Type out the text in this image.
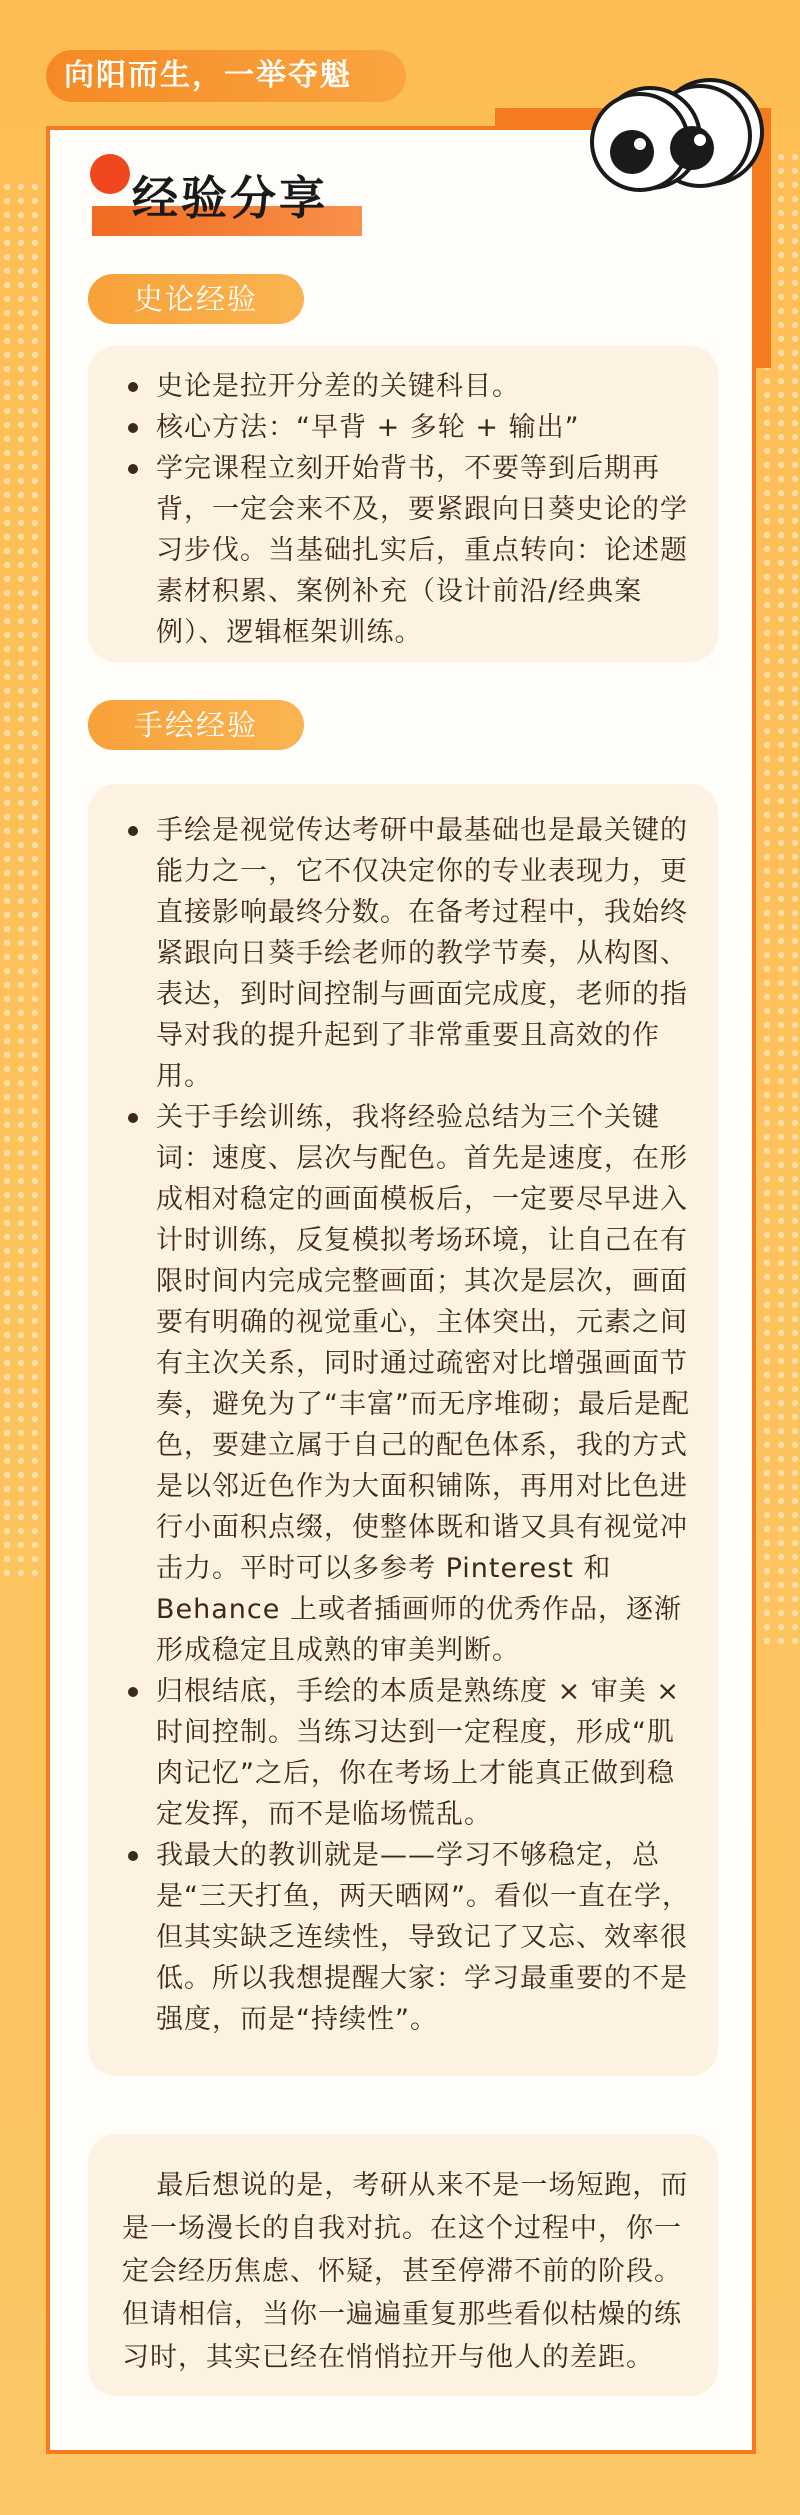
向阳而生，一举夺魁
经验分享
史论经验
史论是拉开分差的关键科目。
核心方法：“早背 + 多轮 + 输出”
学完课程立刻开始背书，不要等到后期再背，一定会来不及，要紧跟向日葵史论的学习步伐。当基础扎实后，重点转向：论述题素材积累、案例补充（设计前沿/经典案例）、逻辑框架训练。
手绘经验
手绘是视觉传达考研中最基础也是最关键的能力之一，它不仅决定你的专业表现力，更直接影响最终分数。在备考过程中，我始终紧跟向日葵手绘老师的教学节奏，从构图、表达，到时间控制与画面完成度，老师的指导对我的提升起到了非常重要且高效的作用。
关于手绘训练，我将经验总结为三个关键词：速度、层次与配色。首先是速度，在形成相对稳定的画面模板后，一定要尽早进入计时训练，反复模拟考场环境，让自己在有限时间内完成完整画面；其次是层次，画面要有明确的视觉重心，主体突出，元素之间有主次关系，同时通过疏密对比增强画面节奏，避免为了“丰富”而无序堆砌；最后是配色，要建立属于自己的配色体系，我的方式是以邻近色作为大面积铺陈，再用对比色进行小面积点缀，使整体既和谐又具有视觉冲击力。平时可以多参考 Pinterest 和 Behance 上或者插画师的优秀作品，逐渐形成稳定且成熟的审美判断。
归根结底，手绘的本质是熟练度 × 审美 × 时间控制。当练习达到一定程度，形成“肌肉记忆”之后，你在考场上才能真正做到稳定发挥，而不是临场慌乱。
我最大的教训就是——学习不够稳定，总是“三天打鱼，两天晒网”。看似一直在学，但其实缺乏连续性，导致记了又忘、效率很低。所以我想提醒大家：学习最重要的不是强度，而是“持续性”。

最后想说的是，考研从来不是一场短跑，而是一场漫长的自我对抗。在这个过程中，你一定会经历焦虑、怀疑，甚至停滞不前的阶段。但请相信，当你一遍遍重复那些看似枯燥的练习时，其实已经在悄悄拉开与他人的差距。
